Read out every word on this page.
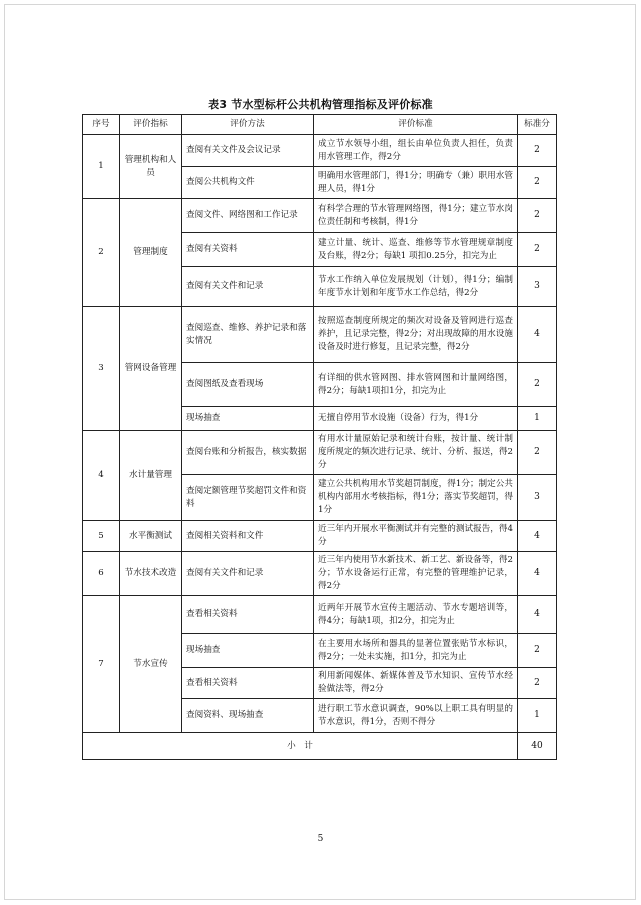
表3 节水型标杆公共机构管理指标及评价标准
序号	评价指标	评价方法	评价标准	标准分
1	管理机构和人员	查阅有关文件及会议记录	成立节水领导小组，组长由单位负责人担任，负责用水管理工作，得2分	2
		查阅公共机构文件	明确用水管理部门，得1分；明确专（兼）职用水管理人员，得1分	2
2	管理制度	查阅文件、网络图和工作记录	有科学合理的节水管理网络图，得1分；建立节水岗位责任制和考核制，得1分	2
		查阅有关资料	建立计量、统计、巡查、维修等节水管理规章制度及台账，得2分；每缺1 项扣0.25分，扣完为止	2
		查阅有关文件和记录	节水工作纳入单位发展规划（计划），得1分；编制年度节水计划和年度节水工作总结，得2分	3
3	管网设备管理	查阅巡查、维修、养护记录和落实情况	按照巡查制度所规定的频次对设备及管网进行巡查养护，且记录完整，得2分；对出现故障的用水设施设备及时进行修复，且记录完整，得2分	4
		查阅图纸及查看现场	有详细的供水管网图、排水管网图和计量网络图，得2分；每缺1项扣1分，扣完为止	2
		现场抽查	无擅自停用节水设施（设备）行为，得1分	1
4	水计量管理	查阅台账和分析报告，核实数据	有用水计量原始记录和统计台账，按计量、统计制度所规定的频次进行记录、统计、分析、报送，得2分	2
		查阅定额管理节奖超罚文件和资料	建立公共机构用水节奖超罚制度，得1分；制定公共机构内部用水考核指标，得1分；落实节奖超罚，得1分	3
5	水平衡测试	查阅相关资料和文件	近三年内开展水平衡测试并有完整的测试报告，得4分	4
6	节水技术改造	查阅有关文件和记录	近三年内使用节水新技术、新工艺、新设备等，得2分；节水设备运行正常，有完整的管理维护记录，得2分	4
7	节水宣传	查看相关资料	近两年开展节水宣传主题活动、节水专题培训等，得4分；每缺1项，扣2分，扣完为止	4
		现场抽查	在主要用水场所和器具的显著位置张贴节水标识，得2分；一处未实施，扣1分，扣完为止	2
		查看相关资料	利用新闻媒体、新媒体普及节水知识、宣传节水经验做法等，得2分	2
		查阅资料、现场抽查	进行职工节水意识调查，90%以上职工具有明显的节水意识，得1分，否则不得分	1
小　计				40
5
